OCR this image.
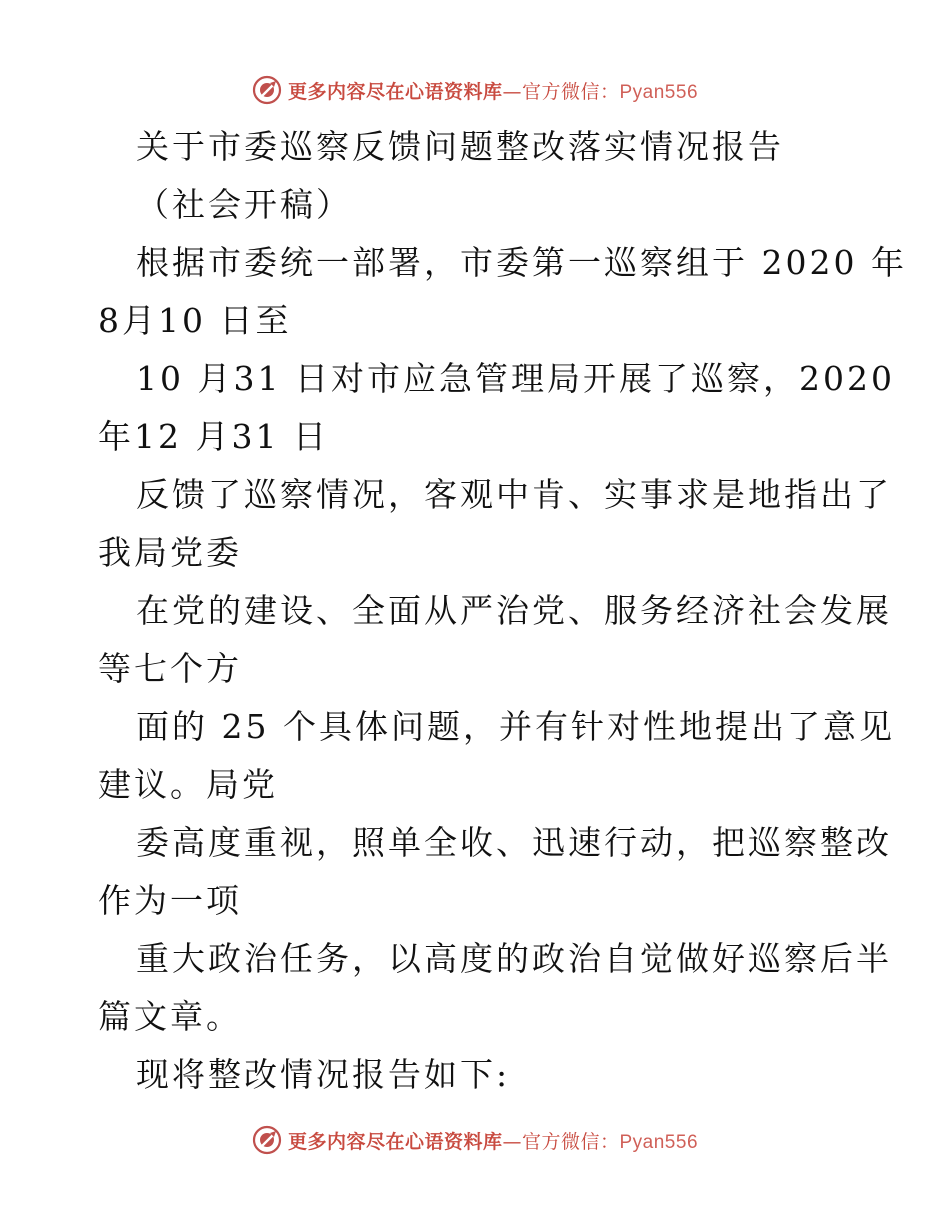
更多内容尽在心语资料库—官方微信：Pyan556
关于市委巡察反馈问题整改落实情况报告
（社会开稿）
根据市委统一部署，市委第一巡察组于 2020 年
8月10 日至
10 月31 日对市应急管理局开展了巡察，2020
年12 月31 日
反馈了巡察情况，客观中肯、实事求是地指出了
我局党委
在党的建设、全面从严治党、服务经济社会发展
等七个方
面的 25 个具体问题，并有针对性地提出了意见
建议。局党
委高度重视，照单全收、迅速行动，把巡察整改
作为一项
重大政治任务，以高度的政治自觉做好巡察后半
篇文章。
现将整改情况报告如下:
更多内容尽在心语资料库—官方微信：Pyan556
